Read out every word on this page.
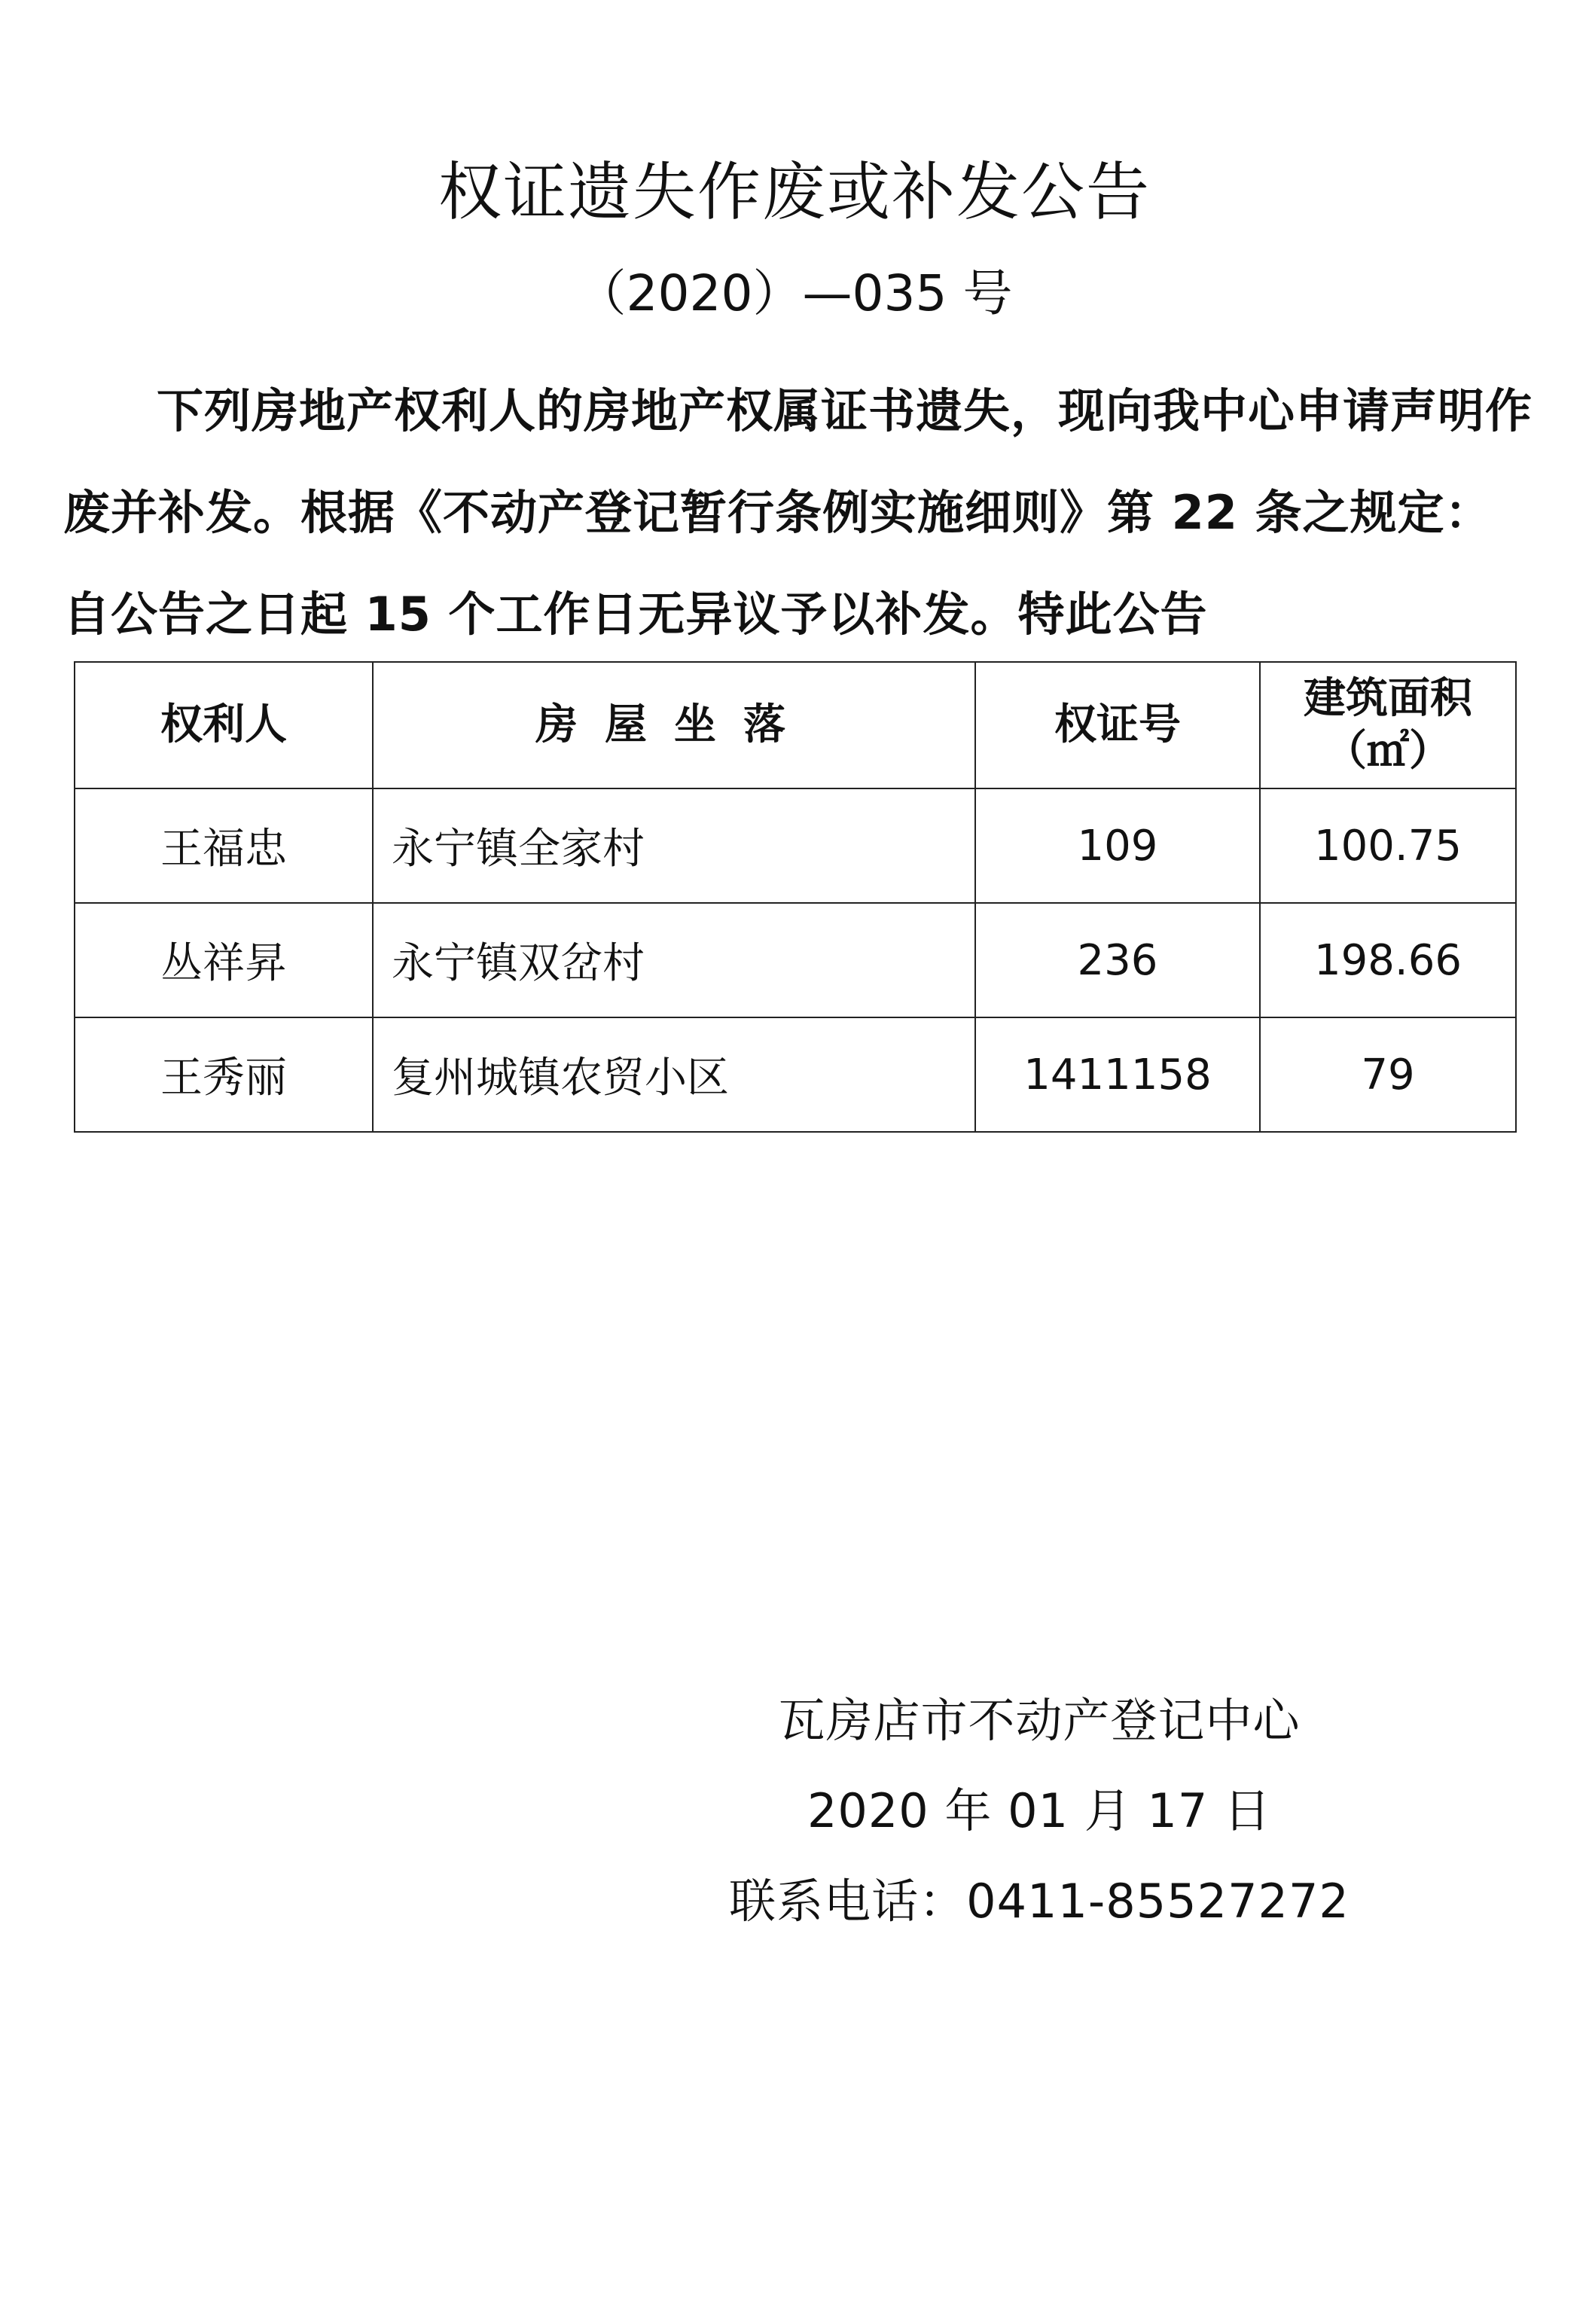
权证遗失作废或补发公告
（2020）—035 号
下列房地产权利人的房地产权属证书遗失，现向我中心申请声明作废并补发。根据《不动产登记暂行条例实施细则》第 22 条之规定：自公告之日起 15 个工作日无异议予以补发。特此公告
权利人	房屋坐落	权证号	建筑面积
（㎡）

王福忠	永宁镇全家村	109	100.75
丛祥昇	永宁镇双岔村	236	198.66
王秀丽	复州城镇农贸小区	1411158	79
瓦房店市不动产登记中心
2020 年 01 月 17 日
联系电话：0411-85527272
